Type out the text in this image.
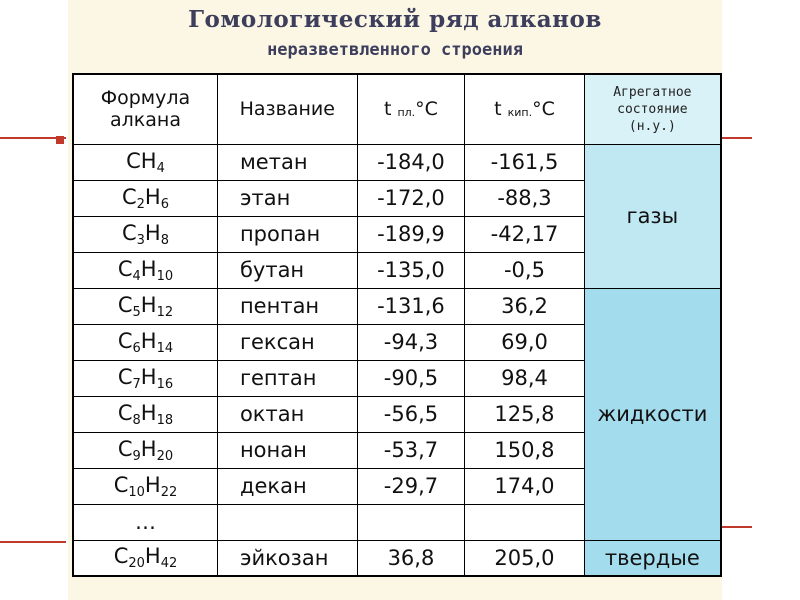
Гомологический ряд алканов
неразветвленного строения
Формула
алкана	Название	t пл.°C	t кип.°C	Агрегатное
состояние
(н.у.)
$CH_4$	метан	-184,0	-161,5	газы
$C_2H_6$	этан	-172,0	-88,3	
$C_3H_8$	пропан	-189,9	-42,17	
$C_4H_{10}$	бутан	-135,0	-0,5	
$C_5H_{12}$	пентан	-131,6	36,2	жидкости
$C_6H_{14}$	гексан	-94,3	69,0	
$C_7H_{16}$	гептан	-90,5	98,4	
$C_8H_{18}$	октан	-56,5	125,8	
$C_9H_{20}$	нонан	-53,7	150,8	
$C_{10}H_{22}$	декан	-29,7	174,0	
…				
$C_{20}H_{42}$	эйкозан	36,8	205,0	твердые
